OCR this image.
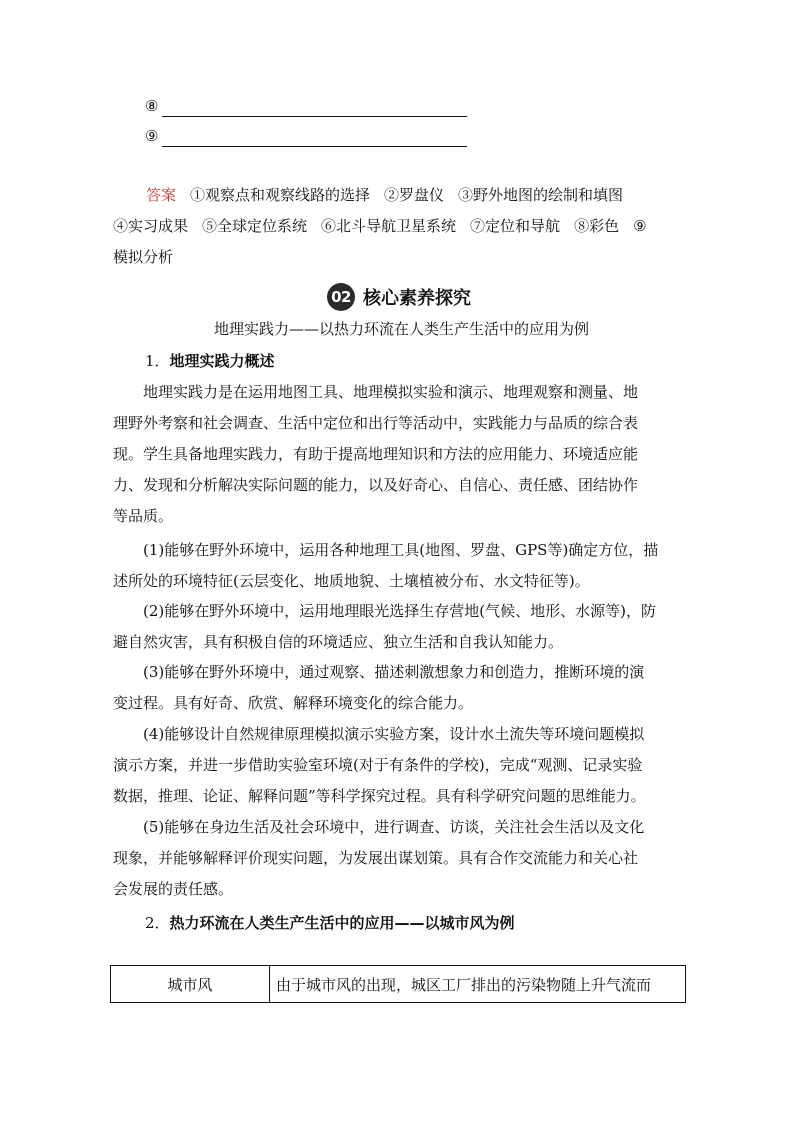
⑧
⑨
答案 ①观察点和观察线路的选择 ②罗盘仪 ③野外地图的绘制和填图
④实习成果 ⑤全球定位系统 ⑥北斗导航卫星系统 ⑦定位和导航 ⑧彩色 ⑨
模拟分析
02 核心素养探究
地理实践力——以热力环流在人类生产生活中的应用为例
1．地理实践力概述
　　地理实践力是在运用地图工具、地理模拟实验和演示、地理观察和测量、地
理野外考察和社会调查、生活中定位和出行等活动中，实践能力与品质的综合表
现。学生具备地理实践力，有助于提高地理知识和方法的应用能力、环境适应能
力、发现和分析解决实际问题的能力，以及好奇心、自信心、责任感、团结协作
等品质。
　　(1)能够在野外环境中，运用各种地理工具(地图、罗盘、GPS等)确定方位，描
述所处的环境特征(云层变化、地质地貌、土壤植被分布、水文特征等)。
　　(2)能够在野外环境中，运用地理眼光选择生存营地(气候、地形、水源等)，防
避自然灾害，具有积极自信的环境适应、独立生活和自我认知能力。
　　(3)能够在野外环境中，通过观察、描述刺激想象力和创造力，推断环境的演
变过程。具有好奇、欣赏、解释环境变化的综合能力。
　　(4)能够设计自然规律原理模拟演示实验方案，设计水土流失等环境问题模拟
演示方案，并进一步借助实验室环境(对于有条件的学校)，完成“观测、记录实验
数据，推理、论证、解释问题”等科学探究过程。具有科学研究问题的思维能力。
　　(5)能够在身边生活及社会环境中，进行调查、访谈，关注社会生活以及文化
现象，并能够解释评价现实问题，为发展出谋划策。具有合作交流能力和关心社
会发展的责任感。
2．热力环流在人类生产生活中的应用——以城市风为例
城市风	由于城市风的出现，城区工厂排出的污染物随上升气流而
